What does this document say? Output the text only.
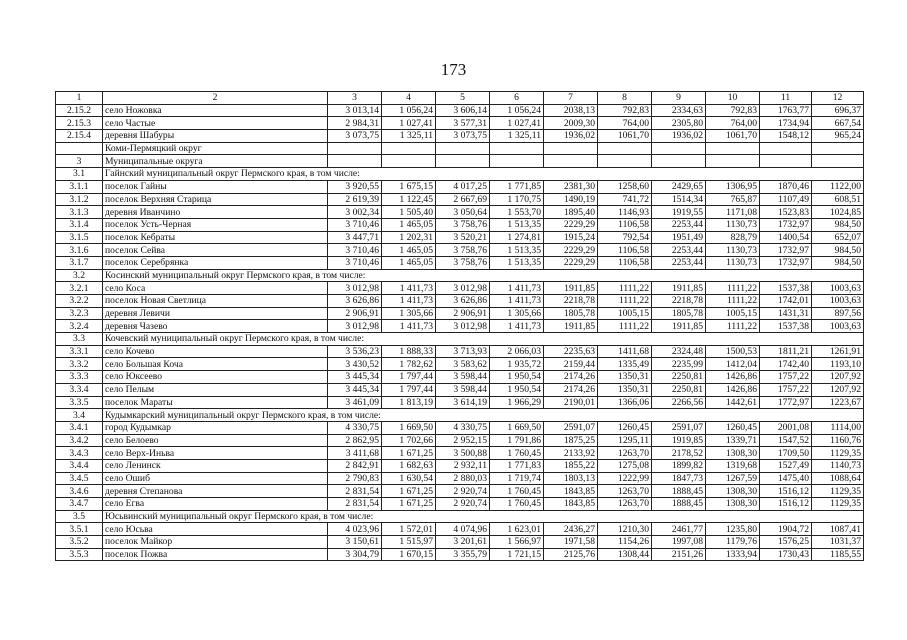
173
1	2	3	4	5	6	7	8	9	10	11	12
2.15.2	село Ножовка	3 013,14	1 056,24	3 606,14	1 056,24	2038,13	792,83	2334,63	792,83	1763,77	696,37
2.15.3	село Частые	2 984,31	1 027,41	3 577,31	1 027,41	2009,30	764,00	2305,80	764,00	1734,94	667,54
2.15.4	деревня Шабуры	3 073,75	1 325,11	3 073,75	1 325,11	1936,02	1061,70	1936,02	1061,70	1548,12	965,24
	Коми-Пермяцкий округ										
3	Муниципальные округа										
3.1	Гайнский муниципальный округ Пермского края, в том числе:										
3.1.1	поселок Гайны	3 920,55	1 675,15	4 017,25	1 771,85	2381,30	1258,60	2429,65	1306,95	1870,46	1122,00
3.1.2	поселок Верхняя Старица	2 619,39	1 122,45	2 667,69	1 170,75	1490,19	741,72	1514,34	765,87	1107,49	608,51
3.1.3	деревня Иванчино	3 002,34	1 505,40	3 050,64	1 553,70	1895,40	1146,93	1919,55	1171,08	1523,83	1024,85
3.1.4	поселок Усть-Черная	3 710,46	1 465,05	3 758,76	1 513,35	2229,29	1106,58	2253,44	1130,73	1732,97	984,50
3.1.5	поселок Кебраты	3 447,71	1 202,31	3 520,21	1 274,81	1915,24	792,54	1951,49	828,79	1400,54	652,07
3.1.6	поселок Сейва	3 710,46	1 465,05	3 758,76	1 513,35	2229,29	1106,58	2253,44	1130,73	1732,97	984,50
3.1.7	поселок Серебрянка	3 710,46	1 465,05	3 758,76	1 513,35	2229,29	1106,58	2253,44	1130,73	1732,97	984,50
3.2	Косинский муниципальный округ Пермского края, в том числе:										
3.2.1	село Коса	3 012,98	1 411,73	3 012,98	1 411,73	1911,85	1111,22	1911,85	1111,22	1537,38	1003,63
3.2.2	поселок Новая Светлица	3 626,86	1 411,73	3 626,86	1 411,73	2218,78	1111,22	2218,78	1111,22	1742,01	1003,63
3.2.3	деревня Левичи	2 906,91	1 305,66	2 906,91	1 305,66	1805,78	1005,15	1805,78	1005,15	1431,31	897,56
3.2.4	деревня Чазево	3 012,98	1 411,73	3 012,98	1 411,73	1911,85	1111,22	1911,85	1111,22	1537,38	1003,63
3.3	Кочевский муниципальный округ Пермского края, в том числе:										
3.3.1	село Кочево	3 536,23	1 888,33	3 713,93	2 066,03	2235,63	1411,68	2324,48	1500,53	1811,21	1261,91
3.3.2	село Большая Коча	3 430,52	1 782,62	3 583,62	1 935,72	2159,44	1335,49	2235,99	1412,04	1742,40	1193,10
3.3.3	село Юксеево	3 445,34	1 797,44	3 598,44	1 950,54	2174,26	1350,31	2250,81	1426,86	1757,22	1207,92
3.3.4	село Пелым	3 445,34	1 797,44	3 598,44	1 950,54	2174,26	1350,31	2250,81	1426,86	1757,22	1207,92
3.3.5	поселок Мараты	3 461,09	1 813,19	3 614,19	1 966,29	2190,01	1366,06	2266,56	1442,61	1772,97	1223,67
3.4	Кудымкарский муниципальный округ Пермского края, в том числе:										
3.4.1	город Кудымкар	4 330,75	1 669,50	4 330,75	1 669,50	2591,07	1260,45	2591,07	1260,45	2001,08	1114,00
3.4.2	село Белоево	2 862,95	1 702,66	2 952,15	1 791,86	1875,25	1295,11	1919,85	1339,71	1547,52	1160,76
3.4.3	село Верх-Иньва	3 411,68	1 671,25	3 500,88	1 760,45	2133,92	1263,70	2178,52	1308,30	1709,50	1129,35
3.4.4	село Ленинск	2 842,91	1 682,63	2 932,11	1 771,83	1855,22	1275,08	1899,82	1319,68	1527,49	1140,73
3.4.5	село Ошиб	2 790,83	1 630,54	2 880,03	1 719,74	1803,13	1222,99	1847,73	1267,59	1475,40	1088,64
3.4.6	деревня Степанова	2 831,54	1 671,25	2 920,74	1 760,45	1843,85	1263,70	1888,45	1308,30	1516,12	1129,35
3.4.7	село Егва	2 831,54	1 671,25	2 920,74	1 760,45	1843,85	1263,70	1888,45	1308,30	1516,12	1129,35
3.5	Юсьвинский муниципальный округ Пермского края, в том числе:										
3.5.1	село Юсьва	4 023,96	1 572,01	4 074,96	1 623,01	2436,27	1210,30	2461,77	1235,80	1904,72	1087,41
3.5.2	поселок Майкор	3 150,61	1 515,97	3 201,61	1 566,97	1971,58	1154,26	1997,08	1179,76	1576,25	1031,37
3.5.3	поселок Пожва	3 304,79	1 670,15	3 355,79	1 721,15	2125,76	1308,44	2151,26	1333,94	1730,43	1185,55
